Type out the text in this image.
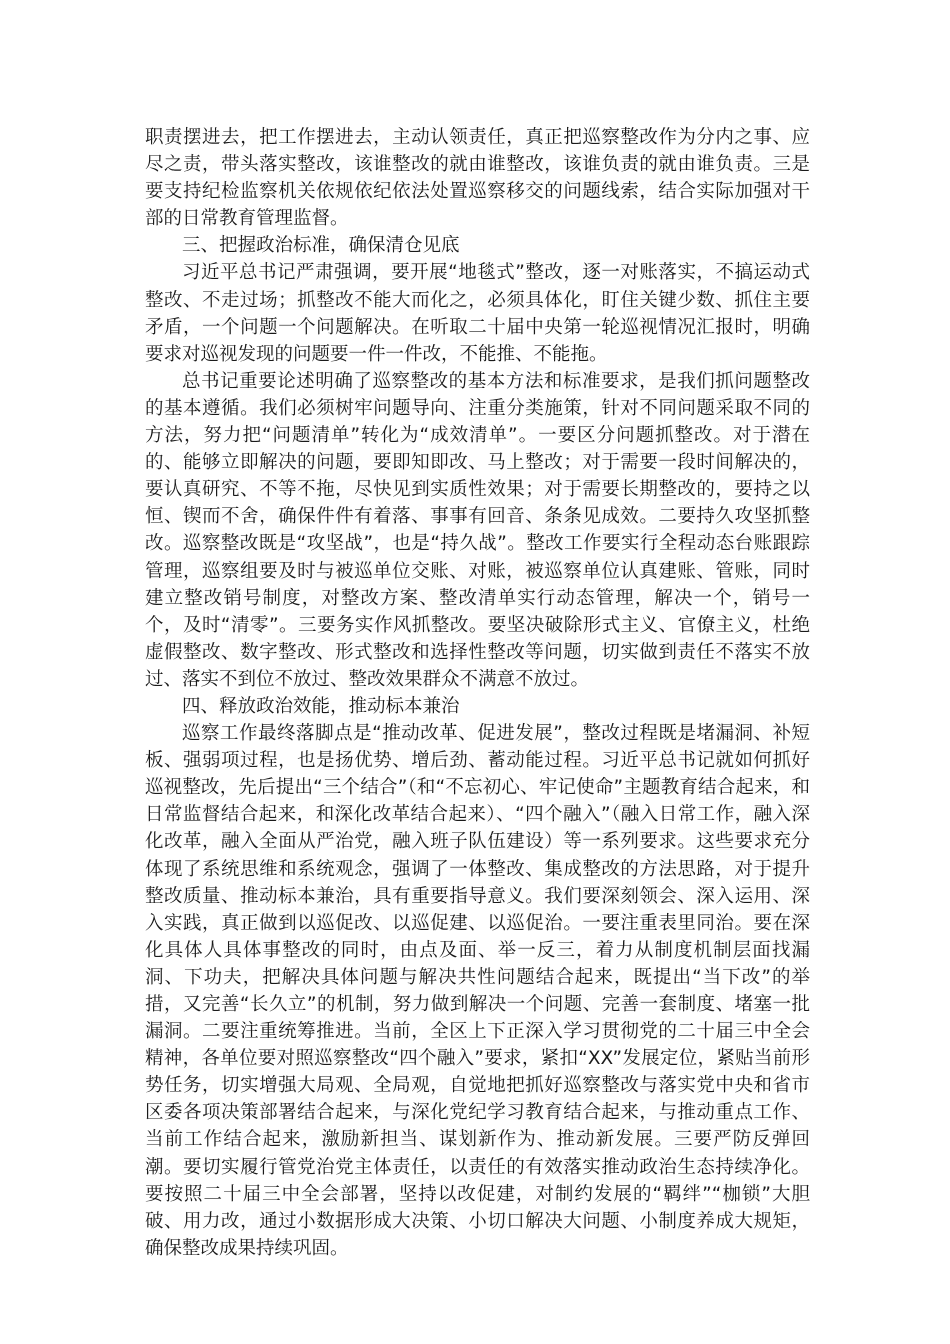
职责摆进去，把工作摆进去，主动认领责任，真正把巡察整改作为分内之事、应尽之责，带头落实整改，该谁整改的就由谁整改，该谁负责的就由谁负责。三是要支持纪检监察机关依规依纪依法处置巡察移交的问题线索，结合实际加强对干部的日常教育管理监督。

三、把握政治标准，确保清仓见底

习近平总书记严肃强调，要开展“地毯式”整改，逐一对账落实，不搞运动式整改、不走过场；抓整改不能大而化之，必须具体化，盯住关键少数、抓住主要矛盾，一个问题一个问题解决。在听取二十届中央第一轮巡视情况汇报时，明确要求对巡视发现的问题要一件一件改，不能推、不能拖。

总书记重要论述明确了巡察整改的基本方法和标准要求，是我们抓问题整改的基本遵循。我们必须树牢问题导向、注重分类施策，针对不同问题采取不同的方法，努力把“问题清单”转化为“成效清单”。一要区分问题抓整改。对于潜在的、能够立即解决的问题，要即知即改、马上整改；对于需要一段时间解决的，要认真研究、不等不拖，尽快见到实质性效果；对于需要长期整改的，要持之以恒、锲而不舍，确保件件有着落、事事有回音、条条见成效。二要持久攻坚抓整改。巡察整改既是“攻坚战”，也是“持久战”。整改工作要实行全程动态台账跟踪管理，巡察组要及时与被巡单位交账、对账，被巡察单位认真建账、管账，同时建立整改销号制度，对整改方案、整改清单实行动态管理，解决一个，销号一个，及时“清零”。三要务实作风抓整改。要坚决破除形式主义、官僚主义，杜绝虚假整改、数字整改、形式整改和选择性整改等问题，切实做到责任不落实不放过、落实不到位不放过、整改效果群众不满意不放过。

四、释放政治效能，推动标本兼治

巡察工作最终落脚点是“推动改革、促进发展”，整改过程既是堵漏洞、补短板、强弱项过程，也是扬优势、增后劲、蓄动能过程。习近平总书记就如何抓好巡视整改，先后提出“三个结合”（和“不忘初心、牢记使命”主题教育结合起来，和日常监督结合起来，和深化改革结合起来）、“四个融入”（融入日常工作，融入深化改革，融入全面从严治党，融入班子队伍建设）等一系列要求。这些要求充分体现了系统思维和系统观念，强调了一体整改、集成整改的方法思路，对于提升整改质量、推动标本兼治，具有重要指导意义。我们要深刻领会、深入运用、深入实践，真正做到以巡促改、以巡促建、以巡促治。一要注重表里同治。要在深化具体人具体事整改的同时，由点及面、举一反三，着力从制度机制层面找漏洞、下功夫，把解决具体问题与解决共性问题结合起来，既提出“当下改”的举措，又完善“长久立”的机制，努力做到解决一个问题、完善一套制度、堵塞一批漏洞。二要注重统筹推进。当前，全区上下正深入学习贯彻党的二十届三中全会精神，各单位要对照巡察整改“四个融入”要求，紧扣“XX”发展定位，紧贴当前形势任务，切实增强大局观、全局观，自觉地把抓好巡察整改与落实党中央和省市区委各项决策部署结合起来，与深化党纪学习教育结合起来，与推动重点工作、当前工作结合起来，激励新担当、谋划新作为、推动新发展。三要严防反弹回潮。要切实履行管党治党主体责任，以责任的有效落实推动政治生态持续净化。要按照二十届三中全会部署，坚持以改促建，对制约发展的“羁绊”“枷锁”大胆破、用力改，通过小数据形成大决策、小切口解决大问题、小制度养成大规矩，确保整改成果持续巩固。
